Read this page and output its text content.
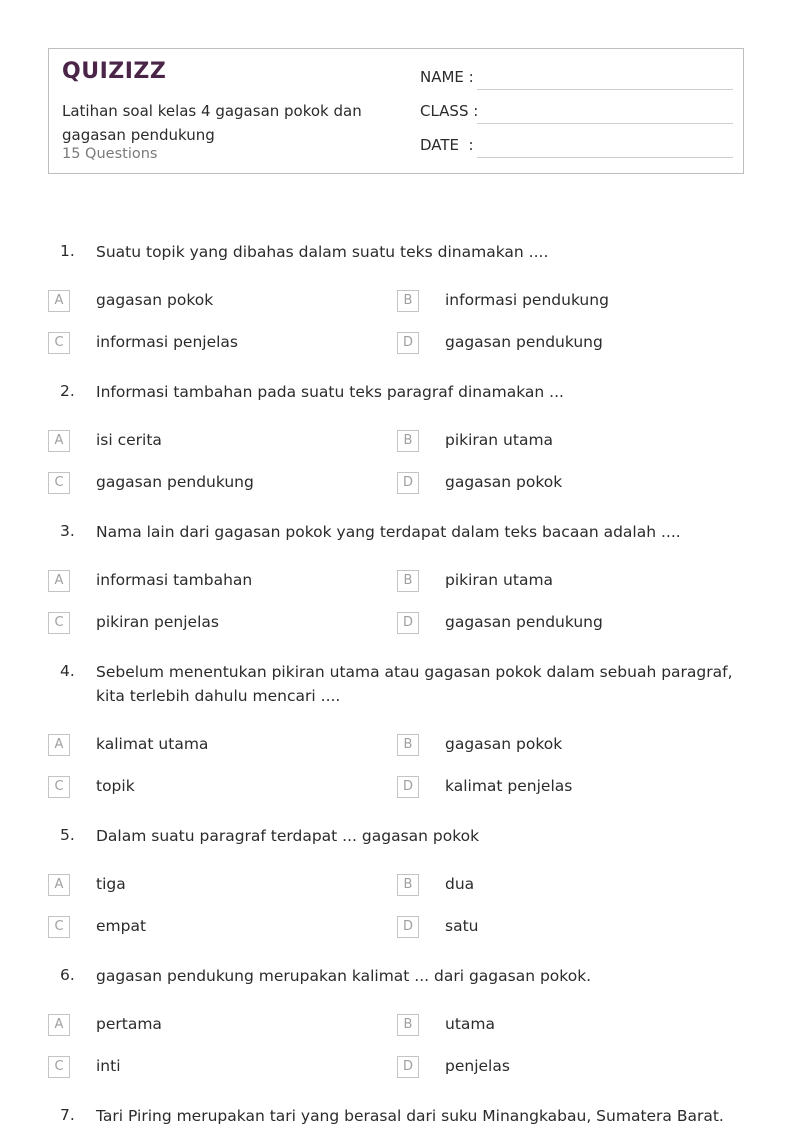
QUIZIZZ
Latihan soal kelas 4 gagasan pokok dan gagasan pendukung
15 Questions
NAME :
CLASS :
DATE  :
1. Suatu topik yang dibahas dalam suatu teks dinamakan ....
A	gagasan pokok	B	informasi pendukung
C	informasi penjelas	D	gagasan pendukung
2. Informasi tambahan pada suatu teks paragraf dinamakan ...
A	isi cerita	B	pikiran utama
C	gagasan pendukung	D	gagasan pokok
3. Nama lain dari gagasan pokok yang terdapat dalam teks bacaan adalah ....
A	informasi tambahan	B	pikiran utama
C	pikiran penjelas	D	gagasan pendukung
4. Sebelum menentukan pikiran utama atau gagasan pokok dalam sebuah paragraf, kita terlebih dahulu mencari ....
A	kalimat utama	B	gagasan pokok
C	topik	D	kalimat penjelas
5. Dalam suatu paragraf terdapat ... gagasan pokok
A	tiga	B	dua
C	empat	D	satu
6. gagasan pendukung merupakan kalimat ... dari gagasan pokok.
A	pertama	B	utama
C	inti	D	penjelas
7. Tari Piring merupakan tari yang berasal dari suku Minangkabau, Sumatera Barat.
